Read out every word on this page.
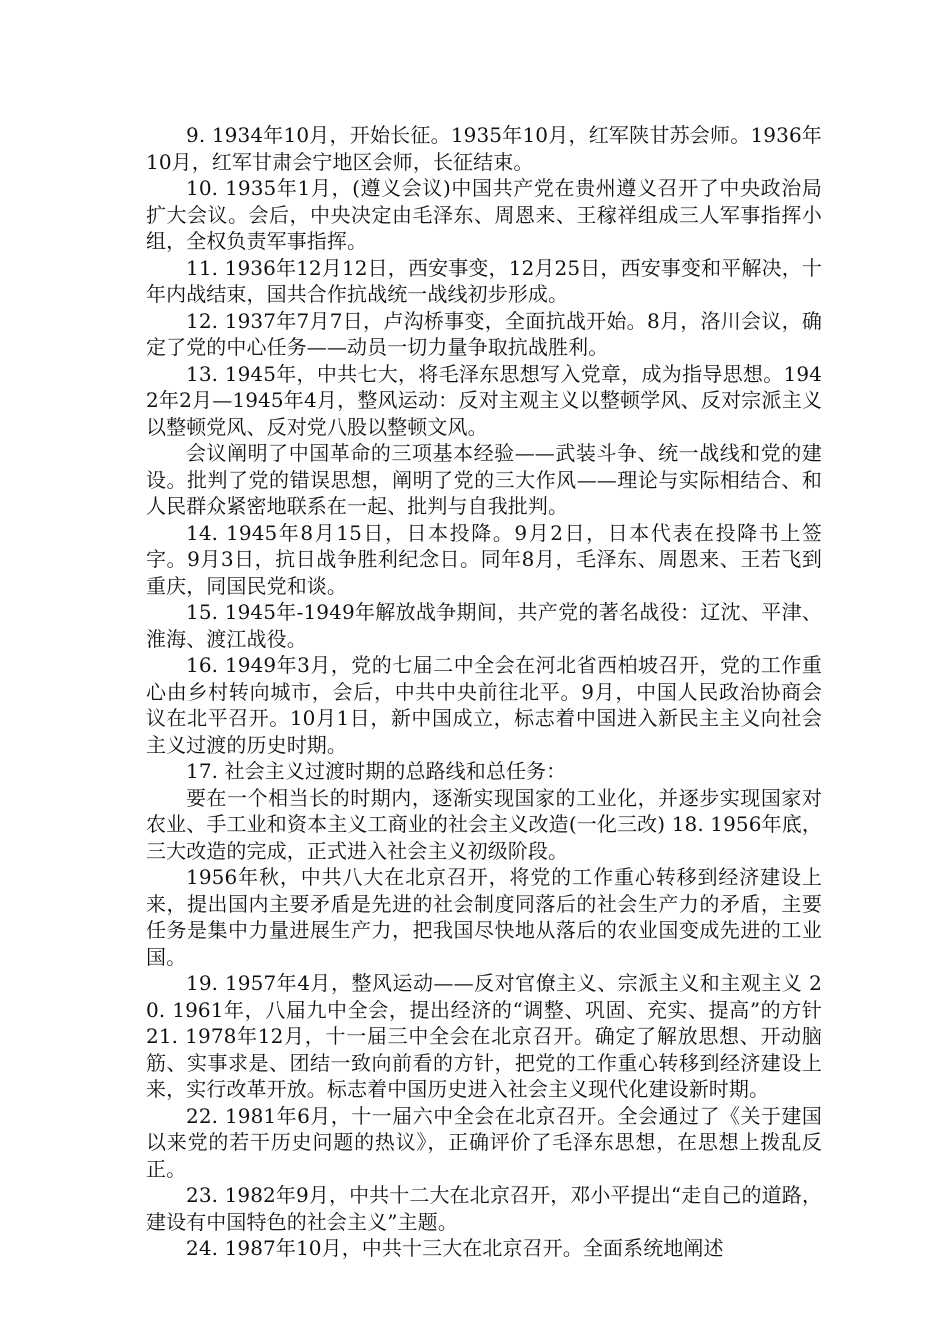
9. 1934年10月，开始长征。1935年10月，红军陕甘苏会师。1936年10月，红军甘肃会宁地区会师，长征结束。

10. 1935年1月，(遵义会议)中国共产党在贵州遵义召开了中央政治局扩大会议。会后，中央决定由毛泽东、周恩来、王稼祥组成三人军事指挥小组，全权负责军事指挥。

11. 1936年12月12日，西安事变，12月25日，西安事变和平解决，十年内战结束，国共合作抗战统一战线初步形成。

12. 1937年7月7日，卢沟桥事变，全面抗战开始。8月，洛川会议，确定了党的中心任务——动员一切力量争取抗战胜利。

13. 1945年，中共七大，将毛泽东思想写入党章，成为指导思想。1942年2月—1945年4月，整风运动：反对主观主义以整顿学风、反对宗派主义以整顿党风、反对党八股以整顿文风。

会议阐明了中国革命的三项基本经验——武装斗争、统一战线和党的建设。批判了党的错误思想，阐明了党的三大作风——理论与实际相结合、和人民群众紧密地联系在一起、批判与自我批判。

14. 1945年8月15日，日本投降。9月2日，日本代表在投降书上签字。9月3日，抗日战争胜利纪念日。同年8月，毛泽东、周恩来、王若飞到重庆，同国民党和谈。

15. 1945年-1949年解放战争期间，共产党的著名战役：辽沈、平津、淮海、渡江战役。

16. 1949年3月，党的七届二中全会在河北省西柏坡召开，党的工作重心由乡村转向城市，会后，中共中央前往北平。9月，中国人民政治协商会议在北平召开。10月1日，新中国成立，标志着中国进入新民主主义向社会主义过渡的历史时期。

17. 社会主义过渡时期的总路线和总任务：

要在一个相当长的时期内，逐渐实现国家的工业化，并逐步实现国家对农业、手工业和资本主义工商业的社会主义改造(一化三改) 18. 1956年底，三大改造的完成，正式进入社会主义初级阶段。

1956年秋，中共八大在北京召开，将党的工作重心转移到经济建设上来，提出国内主要矛盾是先进的社会制度同落后的社会生产力的矛盾，主要任务是集中力量进展生产力，把我国尽快地从落后的农业国变成先进的工业国。

19. 1957年4月，整风运动——反对官僚主义、宗派主义和主观主义 20. 1961年，八届九中全会，提出经济的“调整、巩固、充实、提高”的方针 21. 1978年12月，十一届三中全会在北京召开。确定了解放思想、开动脑筋、实事求是、团结一致向前看的方针，把党的工作重心转移到经济建设上来，实行改革开放。标志着中国历史进入社会主义现代化建设新时期。

22. 1981年6月，十一届六中全会在北京召开。全会通过了《关于建国以来党的若干历史问题的热议》，正确评价了毛泽东思想，在思想上拨乱反正。

23. 1982年9月，中共十二大在北京召开，邓小平提出“走自己的道路，建设有中国特色的社会主义”主题。

24. 1987年10月，中共十三大在北京召开。全面系统地阐述
